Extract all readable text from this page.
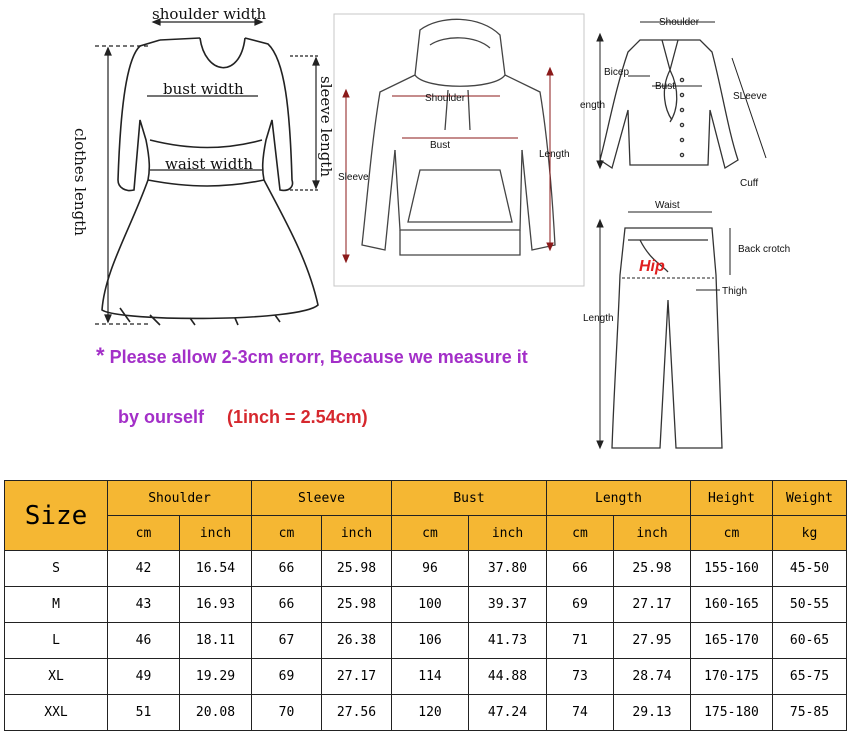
shoulder width
bust width
waist width	sleeve length
clothes length
Shoulder
Bust
Length
Sleeve
Shoulder
Bicep
Bust
SLeeve
ength
Cuff
Waist
Back crotch
Hip
Thigh
Length
* Please allow 2-3cm erorr, Because we measure it
by ourself (1inch = 2.54cm)
Size	Shoulder		Sleeve		Bust		Length		Height	Weight
	cm	inch	cm	inch	cm	inch	cm	inch	cm	kg
S	42	16.54	66	25.98	96	37.80	66	25.98	155-160	45-50
M	43	16.93	66	25.98	100	39.37	69	27.17	160-165	50-55
L	46	18.11	67	26.38	106	41.73	71	27.95	165-170	60-65
XL	49	19.29	69	27.17	114	44.88	73	28.74	170-175	65-75
XXL	51	20.08	70	27.56	120	47.24	74	29.13	175-180	75-85
